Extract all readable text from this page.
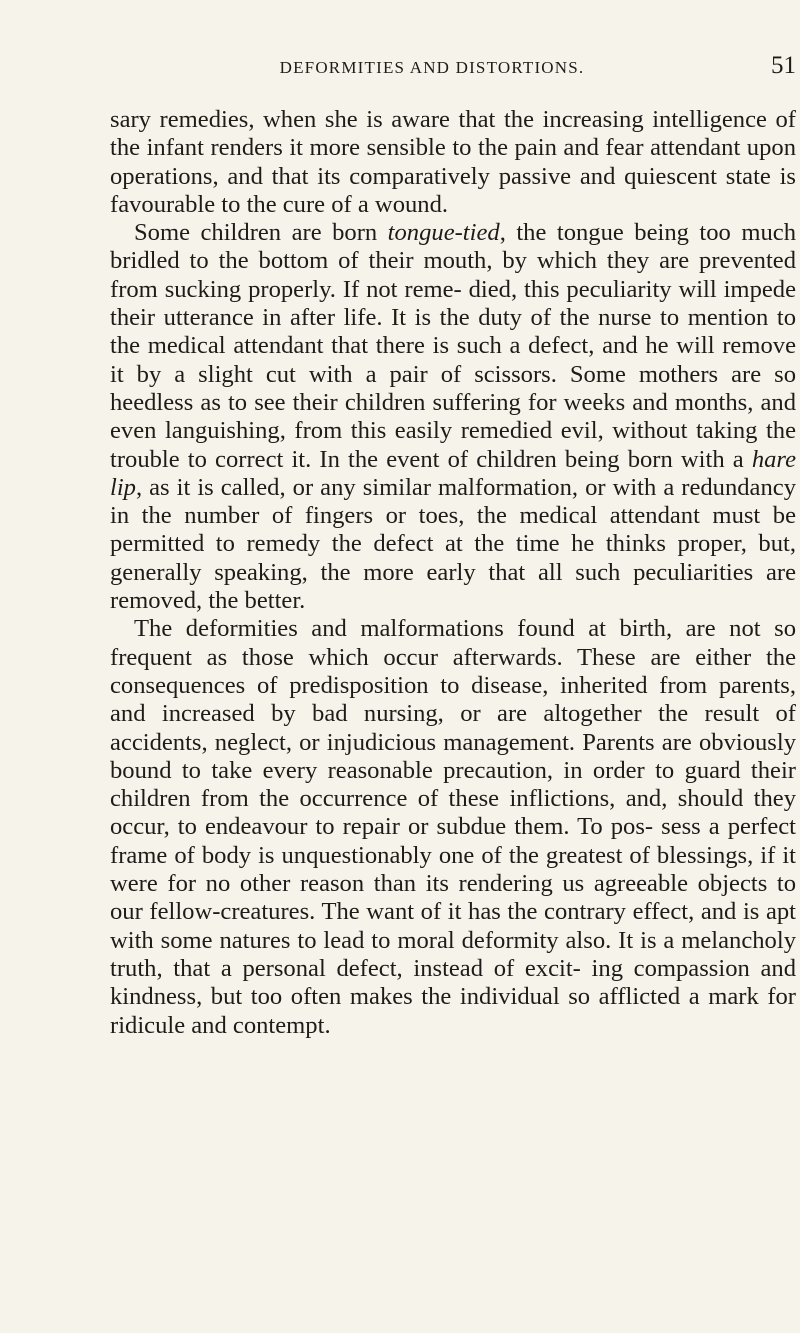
DEFORMITIES AND DISTORTIONS.	51

sary remedies, when she is aware that the increasing intelligence of the infant renders it more sensible to the pain and fear attendant upon operations, and that its comparatively passive and quiescent state is favourable to the cure of a wound.

Some children are born tongue-tied, the tongue being too much bridled to the bottom of their mouth, by which they are prevented from sucking properly. If not reme- died, this peculiarity will impede their utterance in after life. It is the duty of the nurse to mention to the medical attendant that there is such a defect, and he will remove it by a slight cut with a pair of scissors. Some mothers are so heedless as to see their children suffering for weeks and months, and even languishing, from this easily remedied evil, without taking the trouble to correct it. In the event of children being born with a hare lip, as it is called, or any similar malformation, or with a redundancy in the number of fingers or toes, the medical attendant must be permitted to remedy the defect at the time he thinks proper, but, generally speaking, the more early that all such peculiarities are removed, the better.

The deformities and malformations found at birth, are not so frequent as those which occur afterwards. These are either the consequences of predisposition to disease, inherited from parents, and increased by bad nursing, or are altogether the result of accidents, neglect, or injudicious management. Parents are obviously bound to take every reasonable precaution, in order to guard their children from the occurrence of these inflictions, and, should they occur, to endeavour to repair or subdue them. To pos- sess a perfect frame of body is unquestionably one of the greatest of blessings, if it were for no other reason than its rendering us agreeable objects to our fellow-creatures. The want of it has the contrary effect, and is apt with some natures to lead to moral deformity also. It is a melancholy truth, that a personal defect, instead of excit- ing compassion and kindness, but too often makes the individual so afflicted a mark for ridicule and contempt.
